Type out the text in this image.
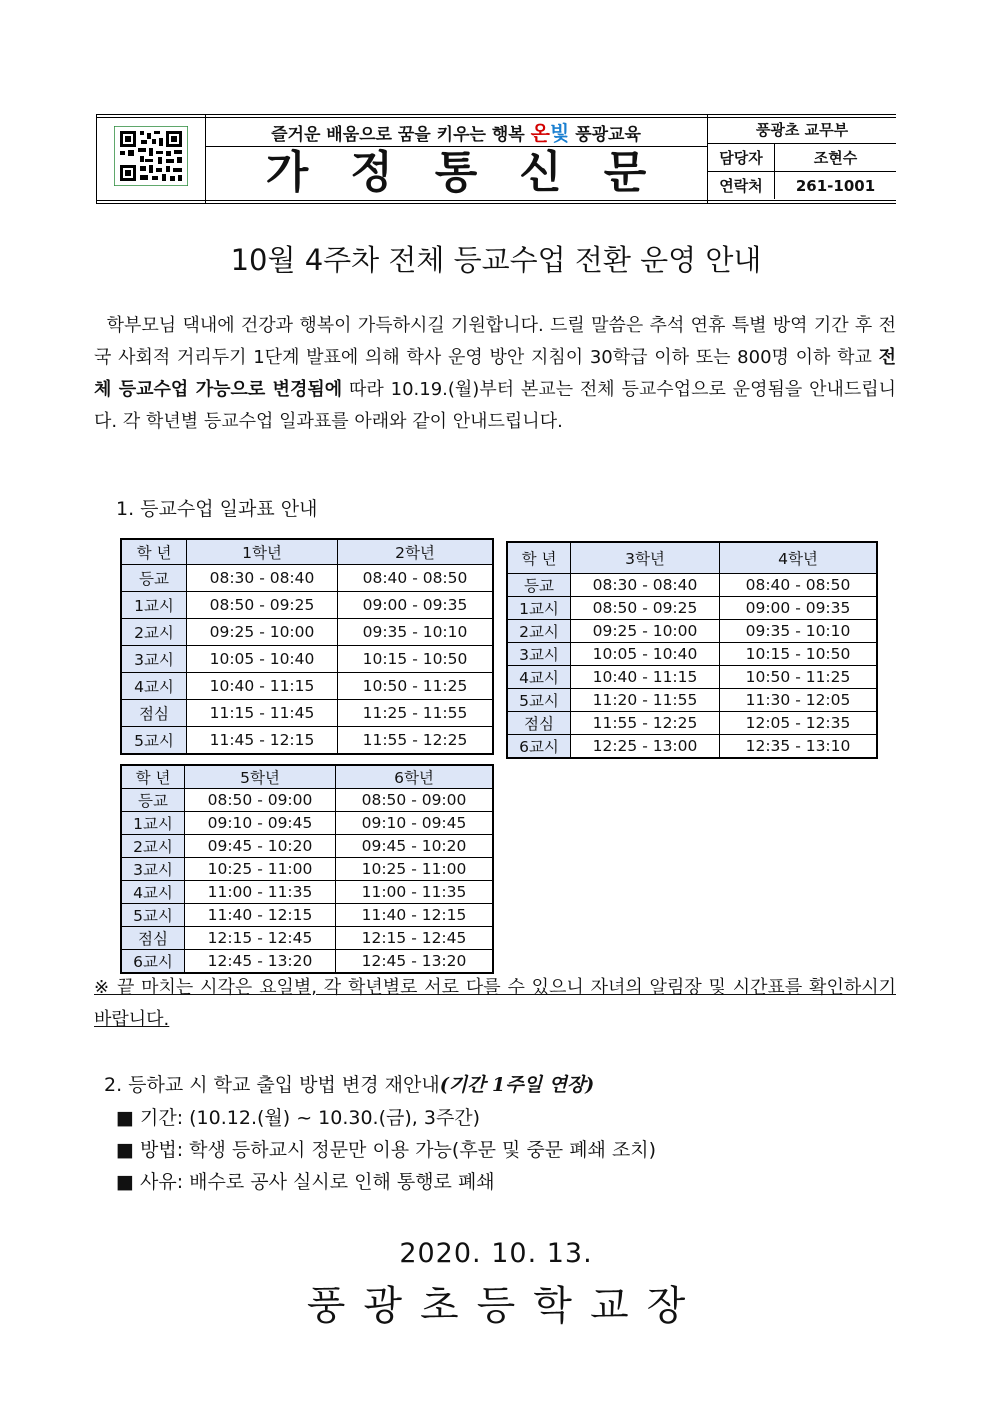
즐거운 배움으로 꿈을 키우는 행복 온빛 풍광교육
가정통신문
풍광초 교무부	
담당자	조현수
연락처	261-1001
10월 4주차 전체 등교수업 전환 운영 안내
학부모님 댁내에 건강과 행복이 가득하시길 기원합니다. 드릴 말씀은 추석 연휴 특별 방역 기간 후 전국 사회적 거리두기 1단계 발표에 의해 학사 운영 방안 지침이 30학급 이하 또는 800명 이하 학교 전체 등교수업 가능으로 변경됨에 따라 10.19.(월)부터 본교는 전체 등교수업으로 운영됨을 안내드립니다. 각 학년별 등교수업 일과표를 아래와 같이 안내드립니다.
1. 등교수업 일과표 안내
학 년	1학년	2학년
등교	08:30 - 08:40	08:40 - 08:50
1교시	08:50 - 09:25	09:00 - 09:35
2교시	09:25 - 10:00	09:35 - 10:10
3교시	10:05 - 10:40	10:15 - 10:50
4교시	10:40 - 11:15	10:50 - 11:25
점심	11:15 - 11:45	11:25 - 11:55
5교시	11:45 - 12:15	11:55 - 12:25
학 년	3학년	4학년
등교	08:30 - 08:40	08:40 - 08:50
1교시	08:50 - 09:25	09:00 - 09:35
2교시	09:25 - 10:00	09:35 - 10:10
3교시	10:05 - 10:40	10:15 - 10:50
4교시	10:40 - 11:15	10:50 - 11:25
5교시	11:20 - 11:55	11:30 - 12:05
점심	11:55 - 12:25	12:05 - 12:35
6교시	12:25 - 13:00	12:35 - 13:10
학 년	5학년	6학년
등교	08:50 - 09:00	08:50 - 09:00
1교시	09:10 - 09:45	09:10 - 09:45
2교시	09:45 - 10:20	09:45 - 10:20
3교시	10:25 - 11:00	10:25 - 11:00
4교시	11:00 - 11:35	11:00 - 11:35
5교시	11:40 - 12:15	11:40 - 12:15
점심	12:15 - 12:45	12:15 - 12:45
6교시	12:45 - 13:20	12:45 - 13:20
※ 끝 마치는 시각은 요일별, 각 학년별로 서로 다를 수 있으니 자녀의 알림장 및 시간표를 확인하시기 바랍니다.
2. 등하교 시 학교 출입 방법 변경 재안내(기간 1주일 연장)
■ 기간: (10.12.(월) ~ 10.30.(금), 3주간)
■ 방법: 학생 등하교시 정문만 이용 가능(후문 및 중문 폐쇄 조치)
■ 사유: 배수로 공사 실시로 인해 통행로 폐쇄
2020. 10. 13.
풍광초등학교장
